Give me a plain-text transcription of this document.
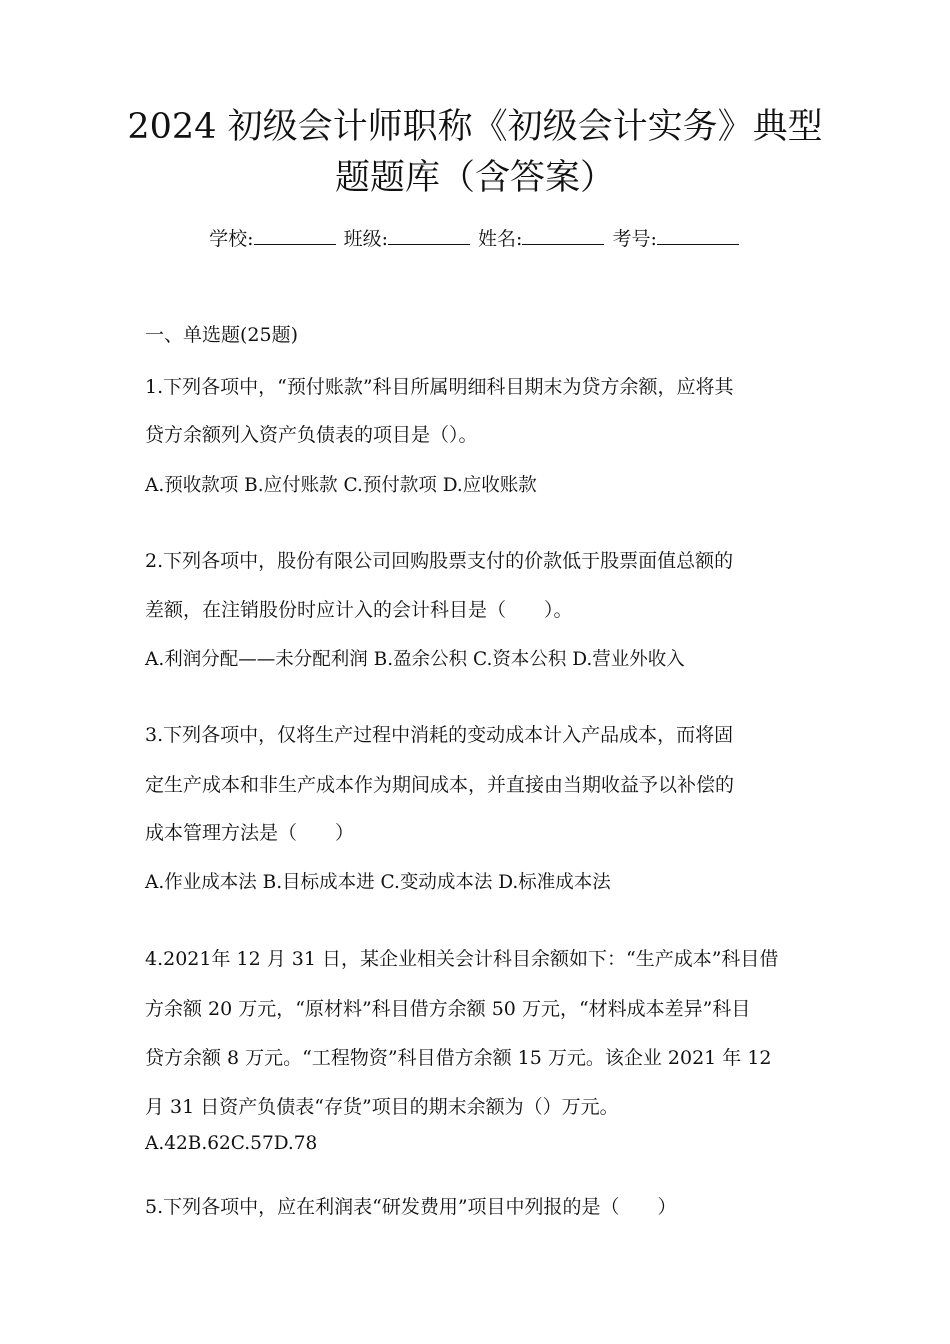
2024 初级会计师职称《初级会计实务》典型
题题库（含答案）
学校:	班级:	姓名:	考号:
一、单选题(25题)
1.下列各项中，“预付账款”科目所属明细科目期末为贷方余额，应将其
贷方余额列入资产负债表的项目是（）。
A.预收款项 B.应付账款 C.预付款项 D.应收账款
2.下列各项中，股份有限公司回购股票支付的价款低于股票面值总额的
差额，在注销股份时应计入的会计科目是（　　）。
A.利润分配——未分配利润 B.盈余公积 C.资本公积 D.营业外收入
3.下列各项中，仅将生产过程中消耗的变动成本计入产品成本，而将固
定生产成本和非生产成本作为期间成本，并直接由当期收益予以补偿的
成本管理方法是（　　）
A.作业成本法 B.目标成本进 C.变动成本法 D.标准成本法
4.2021年 12 月 31 日，某企业相关会计科目余额如下：“生产成本”科目借
方余额 20 万元，“原材料”科目借方余额 50 万元，“材料成本差异”科目
贷方余额 8 万元。“工程物资”科目借方余额 15 万元。该企业 2021 年 12
月 31 日资产负债表“存货”项目的期末余额为（）万元。
A.42B.62C.57D.78
5.下列各项中，应在利润表“研发费用”项目中列报的是（　　）
